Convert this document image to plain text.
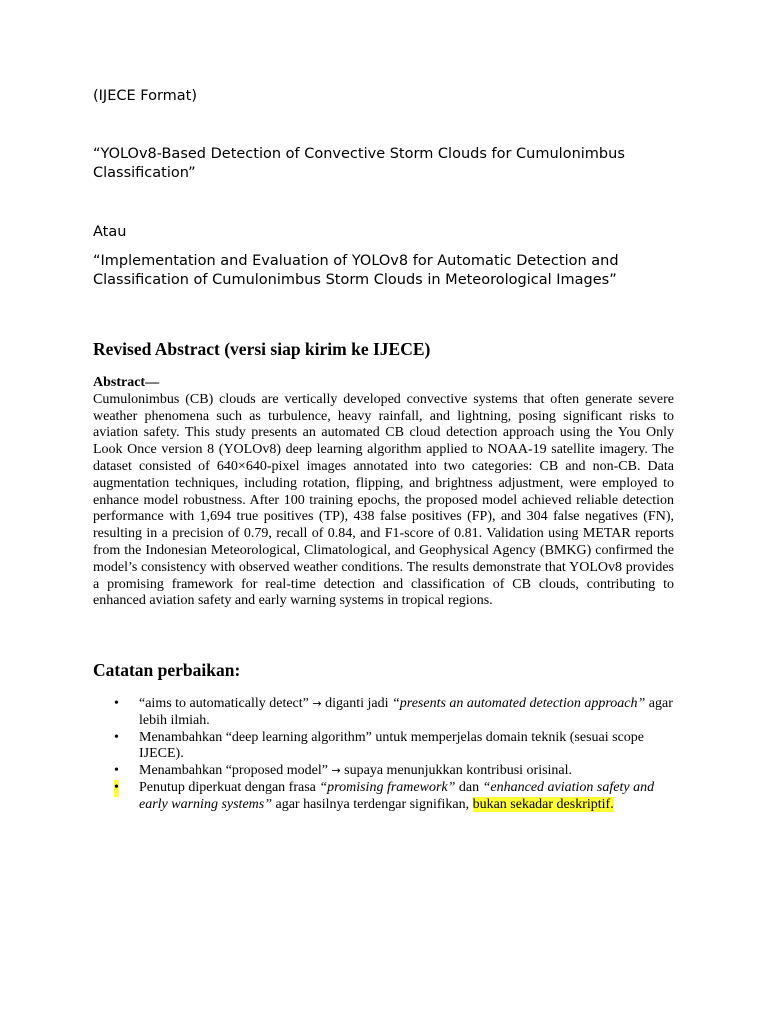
(IJECE Format)
“YOLOv8-Based Detection of Convective Storm Clouds for Cumulonimbus Classification”
Atau
“Implementation and Evaluation of YOLOv8 for Automatic Detection and Classification of Cumulonimbus Storm Clouds in Meteorological Images”
Revised Abstract (versi siap kirim ke IJECE)
Abstract—
Cumulonimbus (CB) clouds are vertically developed convective systems that often generate severe weather phenomena such as turbulence, heavy rainfall, and lightning, posing significant risks to aviation safety. This study presents an automated CB cloud detection approach using the You Only Look Once version 8 (YOLOv8) deep learning algorithm applied to NOAA-19 satellite imagery. The dataset consisted of 640×640-pixel images annotated into two categories: CB and non-CB. Data augmentation techniques, including rotation, flipping, and brightness adjustment, were employed to enhance model robustness. After 100 training epochs, the proposed model achieved reliable detection performance with 1,694 true positives (TP), 438 false positives (FP), and 304 false negatives (FN), resulting in a precision of 0.79, recall of 0.84, and F1-score of 0.81. Validation using METAR reports from the Indonesian Meteorological, Climatological, and Geophysical Agency (BMKG) confirmed the model’s consistency with observed weather conditions. The results demonstrate that YOLOv8 provides a promising framework for real-time detection and classification of CB clouds, contributing to enhanced aviation safety and early warning systems in tropical regions.
Catatan perbaikan:
• “aims to automatically detect” → diganti jadi “presents an automated detection approach” agar lebih ilmiah.
• Menambahkan “deep learning algorithm” untuk memperjelas domain teknik (sesuai scope IJECE).
• Menambahkan “proposed model” → supaya menunjukkan kontribusi orisinal.
• Penutup diperkuat dengan frasa “promising framework” dan “enhanced aviation safety and early warning systems” agar hasilnya terdengar signifikan, bukan sekadar deskriptif.
